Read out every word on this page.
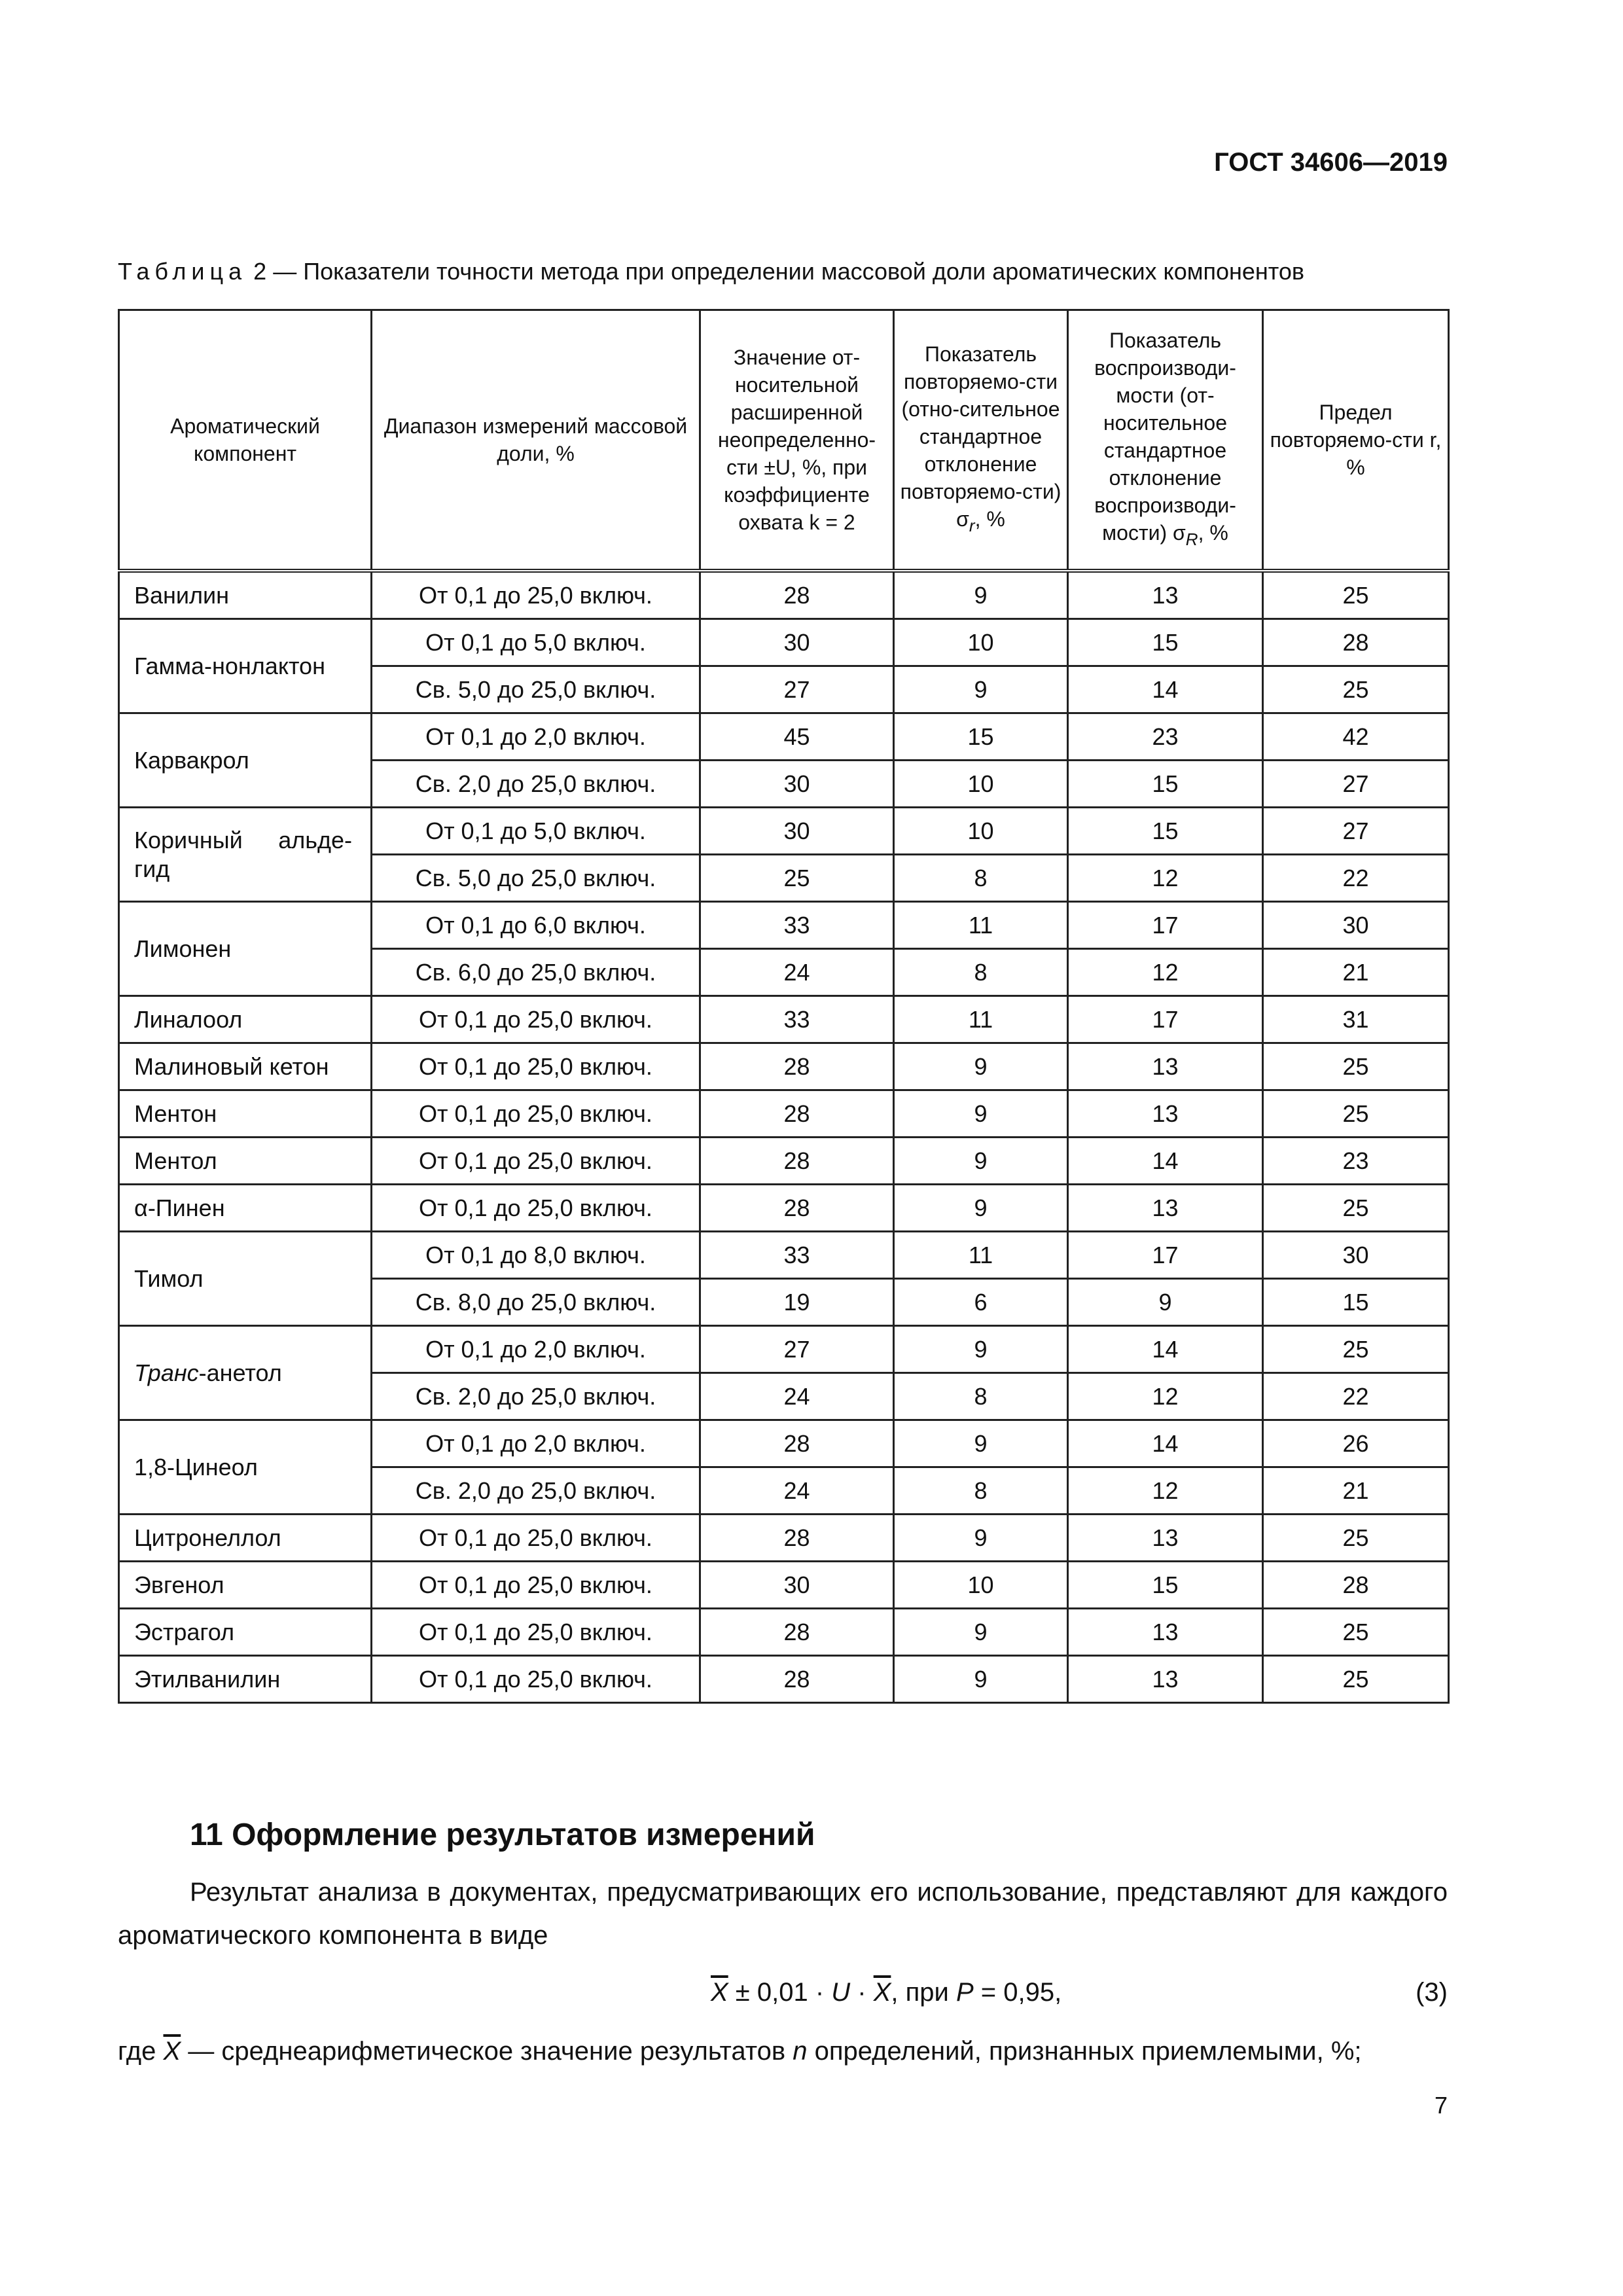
ГОСТ 34606—2019
Таблица 2 — Показатели точности метода при определении массовой доли ароматических компонентов
Ароматический компонент	Диапазон измерений массовой доли, %	Значение от-носительной расширенной неопределенно-сти ±U, %, при коэффициенте охвата k = 2	Показатель повторяемо-сти (отно-сительное стандартное отклонение повторяемо-сти) $\sigma_r$, %	Показатель воспроизводи-мости (от-носительное стандартное отклонение воспроизводи-мости) $\sigma_R$, %	Предел повторяемо-сти r, %
Ванилин	От 0,1 до 25,0 включ.	28	9	13	25
Гамма-нонлактон	От 0,1 до 5,0 включ.	30	10	15	28
	Св. 5,0 до 25,0 включ.	27	9	14	25
Карвакрол	От 0,1 до 2,0 включ.	45	15	23	42
	Св. 2,0 до 25,0 включ.	30	10	15	27

Коричный альде-
гид	От 0,1 до 5,0 включ.	30	10	15	27
	Св. 5,0 до 25,0 включ.	25	8	12	22
Лимонен	От 0,1 до 6,0 включ.	33	11	17	30
	Св. 6,0 до 25,0 включ.	24	8	12	21
Линалоол	От 0,1 до 25,0 включ.	33	11	17	31
Малиновый кетон	От 0,1 до 25,0 включ.	28	9	13	25
Ментон	От 0,1 до 25,0 включ.	28	9	13	25
Ментол	От 0,1 до 25,0 включ.	28	9	14	23
α-Пинен	От 0,1 до 25,0 включ.	28	9	13	25
Тимол	От 0,1 до 8,0 включ.	33	11	17	30
	Св. 8,0 до 25,0 включ.	19	6	9	15
Транс-анетол	От 0,1 до 2,0 включ.	27	9	14	25
	Св. 2,0 до 25,0 включ.	24	8	12	22
1,8-Цинеол	От 0,1 до 2,0 включ.	28	9	14	26
	Св. 2,0 до 25,0 включ.	24	8	12	21
Цитронеллол	От 0,1 до 25,0 включ.	28	9	13	25
Эвгенол	От 0,1 до 25,0 включ.	30	10	15	28
Эстрагол	От 0,1 до 25,0 включ.	28	9	13	25
Этилванилин	От 0,1 до 25,0 включ.	28	9	13	25
11 Оформление результатов измерений
Результат анализа в документах, предусматривающих его использование, представляют для каждого ароматического компонента в виде
$\overline{X} \pm 0,01 \cdot U \cdot \overline{X}$, при P = 0,95,	(3)
где $\overline{X}$ — среднеарифметическое значение результатов n определений, признанных приемлемыми, %;
7
